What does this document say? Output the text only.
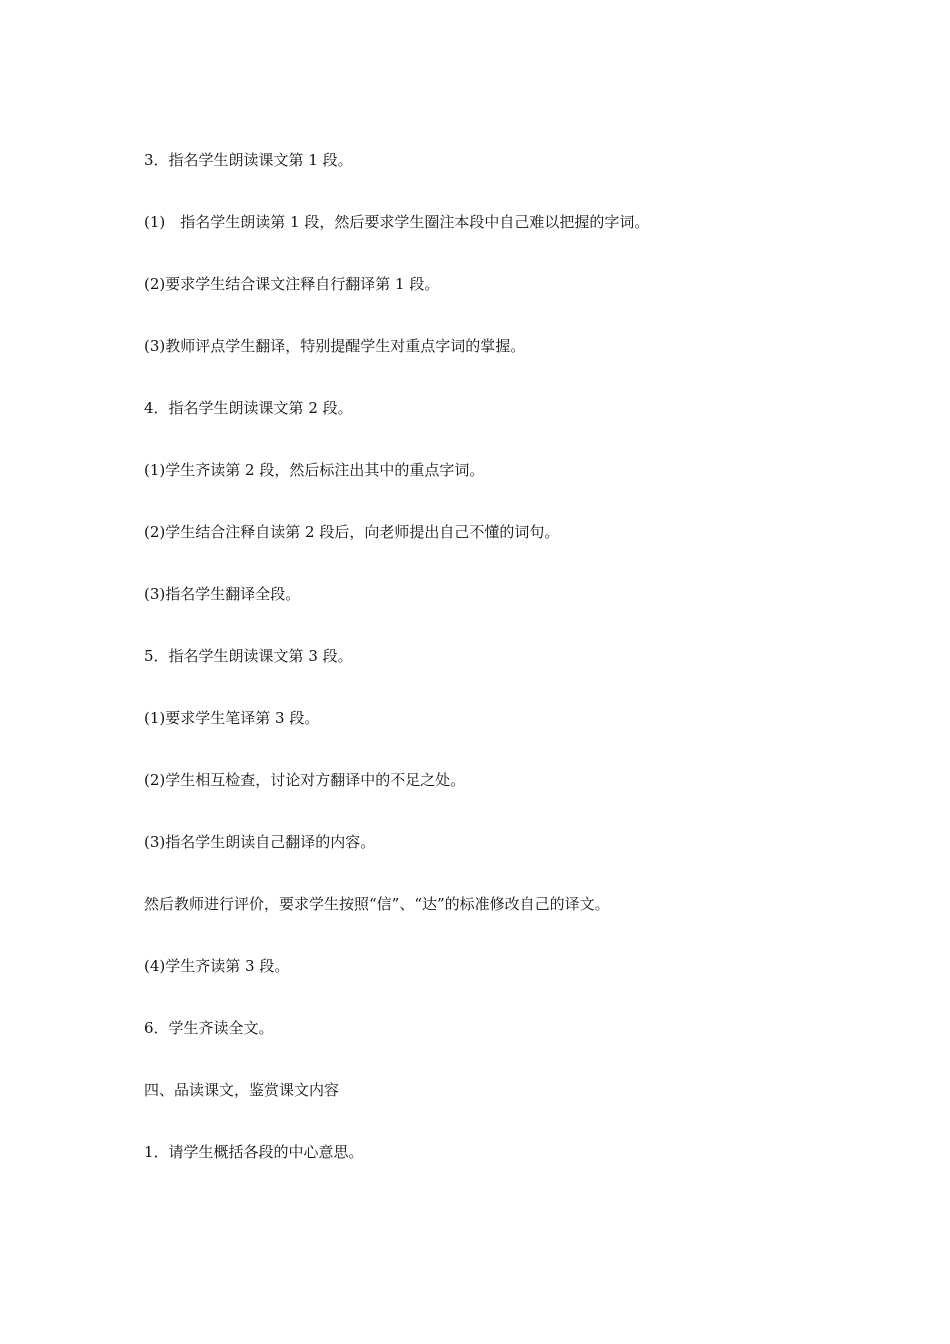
3．指名学生朗读课文第 1 段。

(1)　指名学生朗读第 1 段，然后要求学生圈注本段中自己难以把握的字词。

(2)要求学生结合课文注释自行翻译第 1 段。

(3)教师评点学生翻译，特别提醒学生对重点字词的掌握。

4．指名学生朗读课文第 2 段。

(1)学生齐读第 2 段，然后标注出其中的重点字词。

(2)学生结合注释自读第 2 段后，向老师提出自己不懂的词句。

(3)指名学生翻译全段。

5．指名学生朗读课文第 3 段。

(1)要求学生笔译第 3 段。

(2)学生相互检查，讨论对方翻译中的不足之处。

(3)指名学生朗读自己翻译的内容。

然后教师进行评价，要求学生按照“信”、“达”的标准修改自己的译文。

(4)学生齐读第 3 段。

6．学生齐读全文。

四、品读课文，鉴赏课文内容

1．请学生概括各段的中心意思。
